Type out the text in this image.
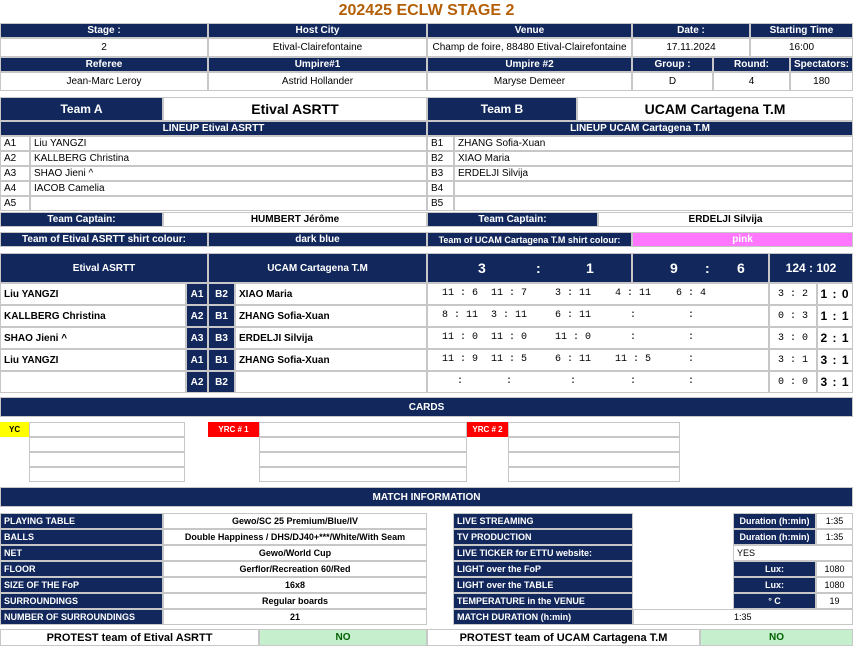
202425 ECLW STAGE 2
Stage :	Host City	Venue	Date :	Starting Time
2	Etival-Clairefontaine	Champ de foire, 88480 Etival-Clairefontaine	17.11.2024	16:00
Referee	Umpire#1	Umpire #2	Group :	Round:	Spectators:
Jean-Marc Leroy	Astrid Hollander	Maryse Demeer	D	4	180
Team A	Etival ASRTT	Team B	UCAM Cartagena T.M
LINEUP Etival ASRTT	LINEUP UCAM Cartagena T.M
A1	Liu YANGZI
A2	KALLBERG Christina
A3	SHAO Jieni ^
A4	IACOB Camelia
A5
B1	ZHANG Sofia-Xuan
B2	XIAO Maria
B3	ERDELJI Silvija
B4
B5
Team Captain:	HUMBERT Jérôme	Team Captain:	ERDELJI Silvija
Team of Etival ASRTT shirt colour:	dark blue	Team of UCAM Cartagena T.M shirt colour:	pink
Etival ASRTT	UCAM Cartagena T.M	3	:	1	9 : 6	124 : 102
Liu YANGZI	A1	B2	XIAO Maria	11 : 6	11 : 7	3 : 11	4 : 11	6 : 4	3 : 2	1 : 0
KALLBERG Christina	A2	B1	ZHANG Sofia-Xuan	8 : 11	3 : 11	6 : 11	:	:	0 : 3	1 : 1
SHAO Jieni ^	A3	B3	ERDELJI Silvija	11 : 0	11 : 0	11 : 0	:	:	3 : 0	2 : 1
Liu YANGZI	A1	B1	ZHANG Sofia-Xuan	11 : 9	11 : 5	6 : 11	11 : 5	:	3 : 1	3 : 1
A2	B2	:	:	:	:	:	0 : 0	3 : 1
CARDS
YC	YRC # 1	YRC # 2
MATCH INFORMATION
PLAYING TABLE	Gewo/SC 25 Premium/Blue/IV
BALLS	Double Happiness / DHS/DJ40+***/White/With Seam
NET	Gewo/World Cup
FLOOR	Gerflor/Recreation 60/Red
SIZE OF THE FoP	16x8
SURROUNDINGS	Regular boards
NUMBER OF SURROUNDINGS	21
LIVE STREAMING	Duration (h:min)	1:35
TV PRODUCTION	Duration (h:min)	1:35
LIVE TICKER for ETTU website:	YES
LIGHT over the FoP	Lux:	1080
LIGHT over the TABLE	Lux:	1080
TEMPERATURE in the VENUE	° C	19
MATCH DURATION (h:min)	1:35
PROTEST team of Etival ASRTT	NO	PROTEST team of UCAM Cartagena T.M	NO
